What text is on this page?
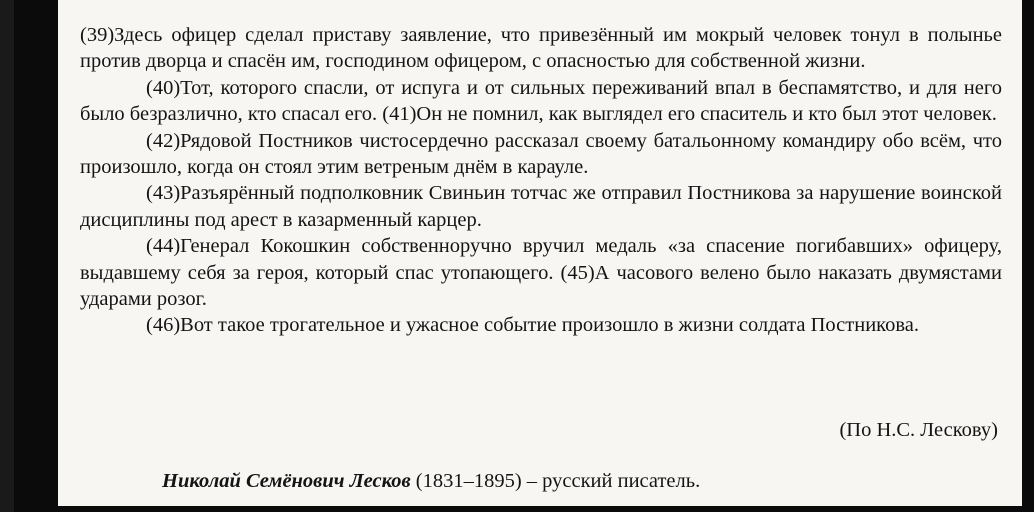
(39)Здесь офицер сделал приставу заявление, что привезённый им мокрый человек тонул в полынье против дворца и спасён им, господином офицером, с опасностью для собственной жизни.

(40)Тот, которого спасли, от испуга и от сильных переживаний впал в беспамятство, и для него было безразлично, кто спасал его. (41)Он не помнил, как выглядел его спаситель и кто был этот человек.

(42)Рядовой Постников чистосердечно рассказал своему батальонному командиру обо всём, что произошло, когда он стоял этим ветреным днём в карауле.

(43)Разъярённый подполковник Свиньин тотчас же отправил Постникова за нарушение воинской дисциплины под арест в казарменный карцер.

(44)Генерал Кокошкин собственноручно вручил медаль «за спасение погибавших» офицеру, выдавшему себя за героя, который спас утопающего. (45)А часового велено было наказать двумястами ударами розог.

(46)Вот такое трогательное и ужасное событие произошло в жизни солдата Постникова.

(По Н.С. Лескову)
Николай Семёнович Лесков (1831–1895) – русский писатель.
